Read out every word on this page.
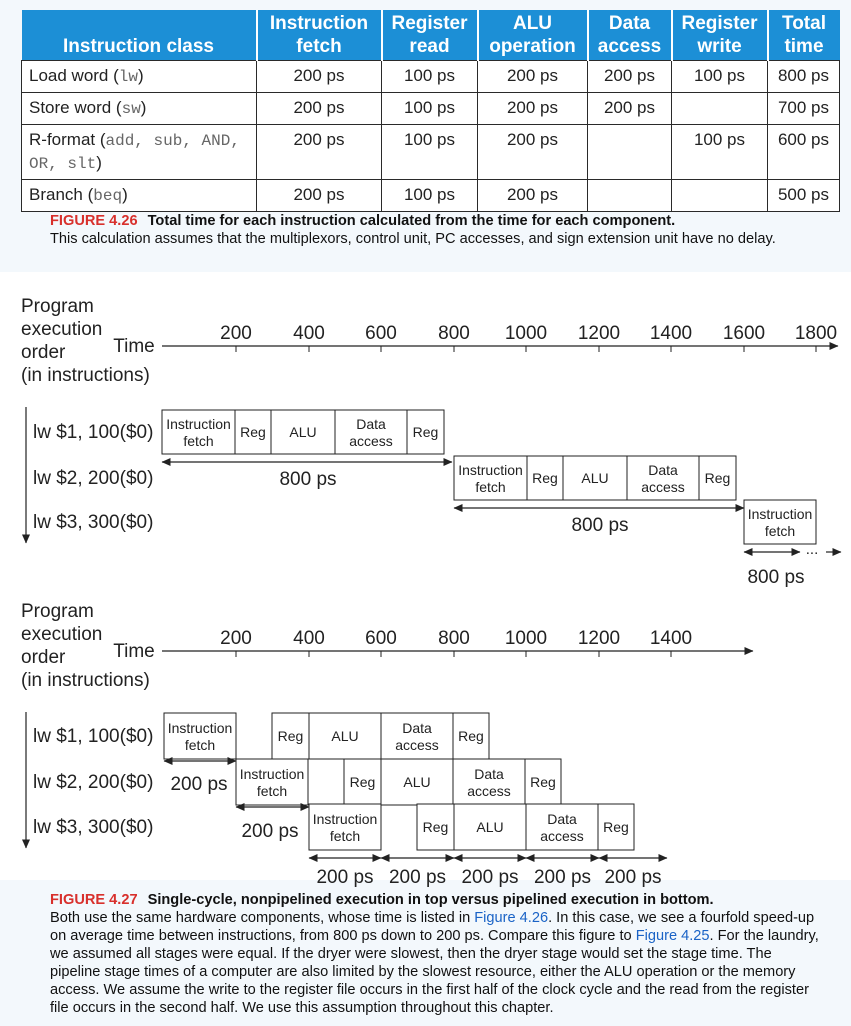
Instruction class	Instruction fetch	Register read	ALU operation	Data access	Register write	Total time
Load word (lw)	200 ps	100 ps	200 ps	200 ps	100 ps	800 ps
Store word (sw)	200 ps	100 ps	200 ps	200 ps		700 ps
R-format (add, sub, AND, OR, slt)	200 ps	100 ps	200 ps		100 ps	600 ps
Branch (beq)	200 ps	100 ps	200 ps			500 ps
FIGURE 4.26 Total time for each instruction calculated from the time for each component.
This calculation assumes that the multiplexors, control unit, PC accesses, and sign extension unit have no delay.
Program
execution
order
(in instructions)
Time
200 400 600 800 1000 1200 1400 1600 1800
lw $1, 100($0) Instruction
fetch
Reg ALU	Data
access
Reg
800 ps
lw $2, 200($0)	Instruction
fetch
Reg ALU	Data
access
Reg
800 ps
lw $3, 300($0)	Instruction
fetch
...
800 ps
Program
execution
order
(in instructions)
Time
200 400 600 800 1000 1200 1400
lw $1, 100($0) Instruction
fetch
Reg ALU	Data
access
Reg
lw $2, 200($0)	Instruction
fetch
Reg ALU	Data
access
Reg
lw $3, 300($0)	Instruction
fetch
Reg ALU	Data
access
Reg
200 ps
200 ps
200 ps 200 ps 200 ps 200 ps 200 ps
FIGURE 4.27 Single-cycle, nonpipelined execution in top versus pipelined execution in bottom.
Both use the same hardware components, whose time is listed in Figure 4.26. In this case, we see a fourfold speed-up on average time between instructions, from 800 ps down to 200 ps. Compare this figure to Figure 4.25. For the laundry, we assumed all stages were equal. If the dryer were slowest, then the dryer stage would set the stage time. The pipeline stage times of a computer are also limited by the slowest resource, either the ALU operation or the memory access. We assume the write to the register file occurs in the first half of the clock cycle and the read from the register file occurs in the second half. We use this assumption throughout this chapter.
